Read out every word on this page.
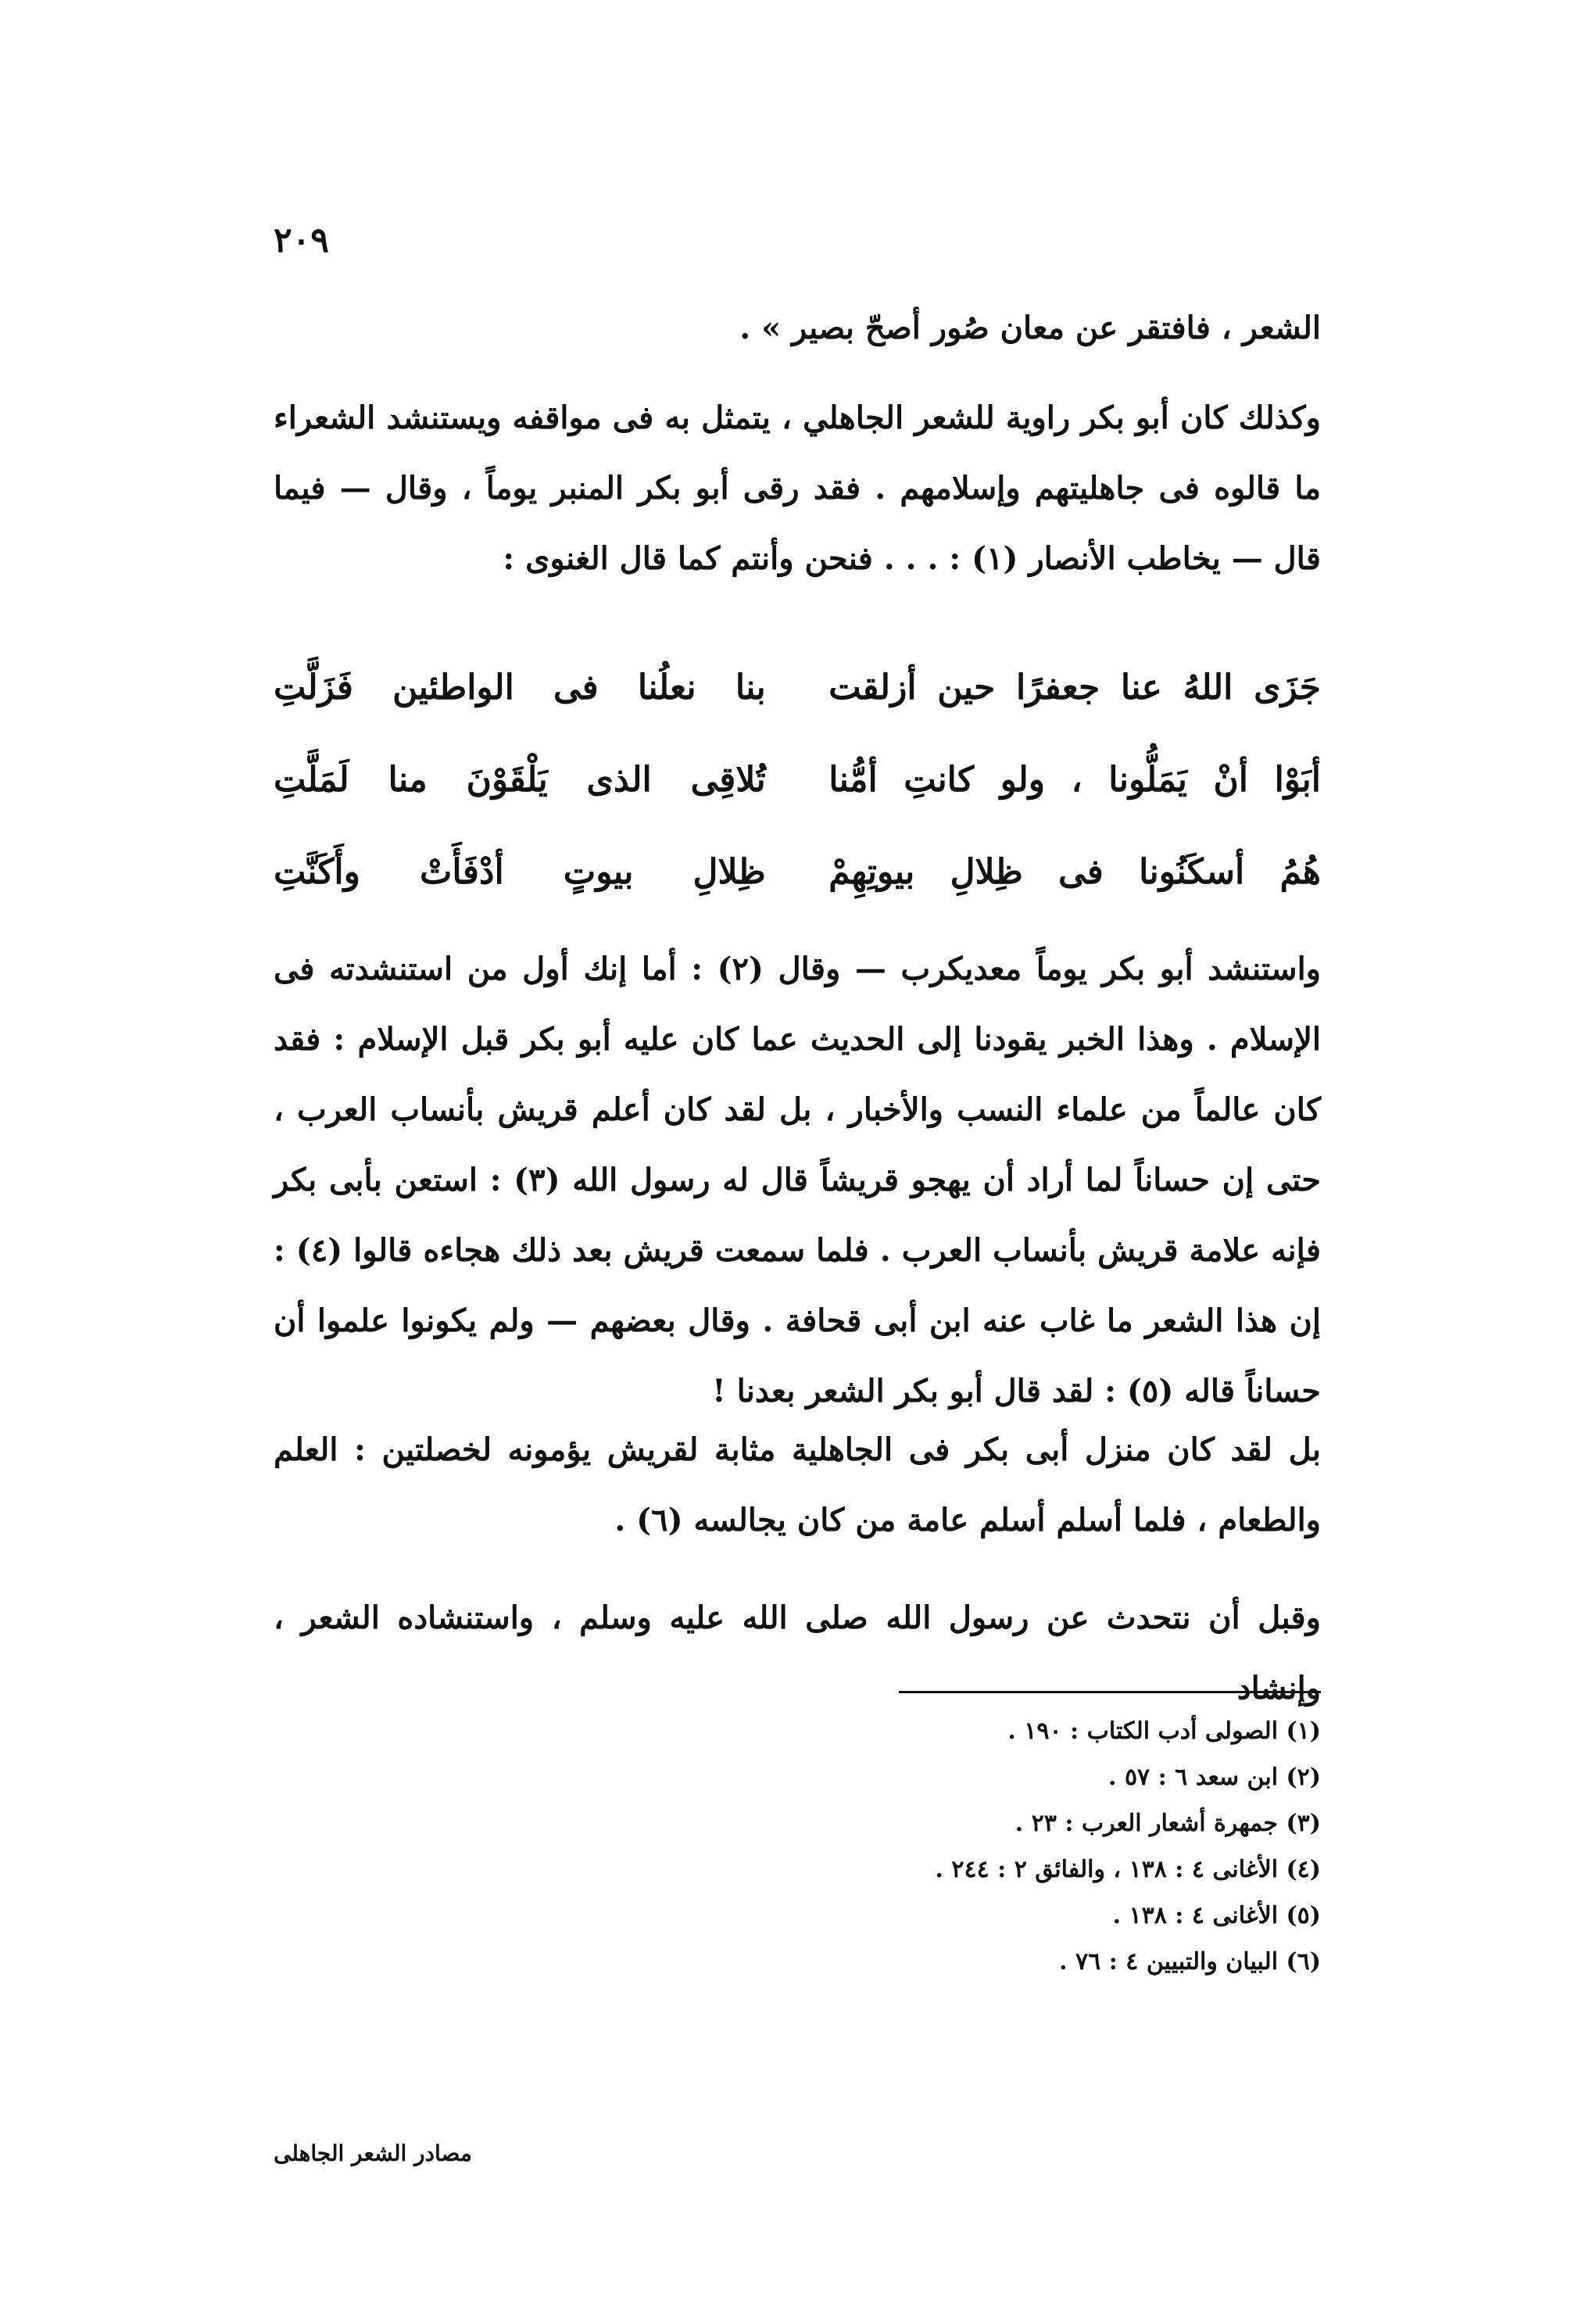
٢٠٩

الشعر ، فافتقر عن معان صُور أصحّ بصير » .

وكذلك كان أبو بكر راوية للشعر الجاهلي ، يتمثل به فى مواقفه ويستنشد الشعراء ما قالوه فى جاهليتهم وإسلامهم . فقد رقى أبو بكر المنبر يوماً ، وقال — فيما قال — يخاطب الأنصار (١) : . . . فنحن وأنتم كما قال الغنوى :

جَزَى اللهُ عنا جعفرًا حين أزلقت
بنا نعلُنا فى الواطئين فَزَلَّتِ
أبَوْا أنْ يَمَلُّونا ، ولو كانتِ أمُّنا
تُلاقِى الذى يَلْقَوْنَ منا لَمَلَّتِ
هُمُ أسكَنُونا فى ظِلالِ بيوتِهِمْ
ظِلالِ بيوتٍ أدْفَأَتْ وأَكَنَّتِ

واستنشد أبو بكر يوماً معديكرب — وقال (٢) : أما إنك أول من استنشدته فى الإسلام . وهذا الخبر يقودنا إلى الحديث عما كان عليه أبو بكر قبل الإسلام : فقد كان عالماً من علماء النسب والأخبار ، بل لقد كان أعلم قريش بأنساب العرب ، حتى إن حساناً لما أراد أن يهجو قريشاً قال له رسول الله (٣) : استعن بأبى بكر فإنه علامة قريش بأنساب العرب . فلما سمعت قريش بعد ذلك هجاءه قالوا (٤) : إن هذا الشعر ما غاب عنه ابن أبى قحافة . وقال بعضهم — ولم يكونوا علموا أن حساناً قاله (٥) : لقد قال أبو بكر الشعر بعدنا !

بل لقد كان منزل أبى بكر فى الجاهلية مثابة لقريش يؤمونه لخصلتين : العلم والطعام ، فلما أسلم أسلم عامة من كان يجالسه (٦) .

وقبل أن نتحدث عن رسول الله صلى الله عليه وسلم ، واستنشاده الشعر ، وإنشاد

(١) الصولى أدب الكتاب : ١٩٠ .
(٢) ابن سعد ٦ : ٥٧ .
(٣) جمهرة أشعار العرب : ٢٣ .
(٤) الأغانى ٤ : ١٣٨ ، والفائق ٢ : ٢٤٤ .
(٥) الأغانى ٤ : ١٣٨ .
(٦) البيان والتبيين ٤ : ٧٦ .
مصادر الشعر الجاهلى
